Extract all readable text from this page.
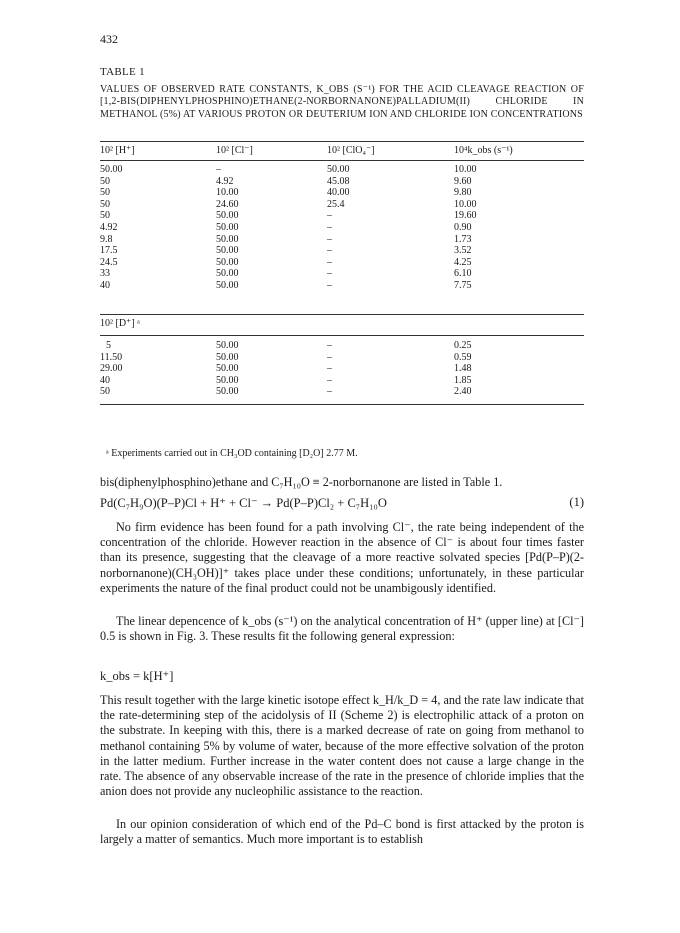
432
TABLE 1
VALUES OF OBSERVED RATE CONSTANTS, K_OBS (S⁻¹) FOR THE ACID CLEAVAGE REACTION OF [1,2-BIS(DIPHENYLPHOSPHINO)ETHANE(2-NORBORNANONE)PALLADIUM(II) CHLORIDE IN METHANOL (5%) AT VARIOUS PROTON OR DEUTERIUM ION AND CHLORIDE ION CONCENTRATIONS
10² [H⁺]	10² [Cl⁻]	10² [ClO₄⁻]	10⁴k_obs (s⁻¹)
50.00	–	50.00	10.00
50	4.92	45.08	9.60
50	10.00	40.00	9.80
50	24.60	25.4	10.00
50	50.00	–	19.60
4.92	50.00	–	0.90
9.8	50.00	–	1.73
17.5	50.00	–	3.52
24.5	50.00	–	4.25
33	50.00	–	6.10
40	50.00	–	7.75
10² [D⁺] ᵃ
5	50.00	–	0.25
11.50	50.00	–	0.59
29.00	50.00	–	1.48
40	50.00	–	1.85
50	50.00	–	2.40
ᵃ Experiments carried out in CH₃OD containing [D₂O] 2.77 M.
bis(diphenylphosphino)ethane and C₇H₁₀O ≡ 2-norbornanone are listed in Table 1.
Pd(C₇H₉O)(P–P)Cl + H⁺ + Cl⁻ → Pd(P–P)Cl₂ + C₇H₁₀O	(1)
No firm evidence has been found for a path involving Cl⁻, the rate being independent of the concentration of the chloride. However reaction in the absence of Cl⁻ is about four times faster than its presence, suggesting that the cleavage of a more reactive solvated species [Pd(P–P)(2-norbornanone)(CH₃OH)]⁺ takes place under these conditions; unfortunately, in these particular experiments the nature of the final product could not be unambigously identified.
The linear depencence of k_obs (s⁻¹) on the analytical concentration of H⁺ (upper line) at [Cl⁻] 0.5 is shown in Fig. 3. These results fit the following general expression:
k_obs = k[H⁺]
This result together with the large kinetic isotope effect k_H/k_D = 4, and the rate law indicate that the rate-determining step of the acidolysis of II (Scheme 2) is electrophilic attack of a proton on the substrate. In keeping with this, there is a marked decrease of rate on going from methanol to methanol containing 5% by volume of water, because of the more effective solvation of the proton in the latter medium. Further increase in the water content does not cause a large change in the rate. The absence of any observable increase of the rate in the presence of chloride implies that the anion does not provide any nucleophilic assistance to the reaction.
In our opinion consideration of which end of the Pd–C bond is first attacked by the proton is largely a matter of semantics. Much more important is to establish
